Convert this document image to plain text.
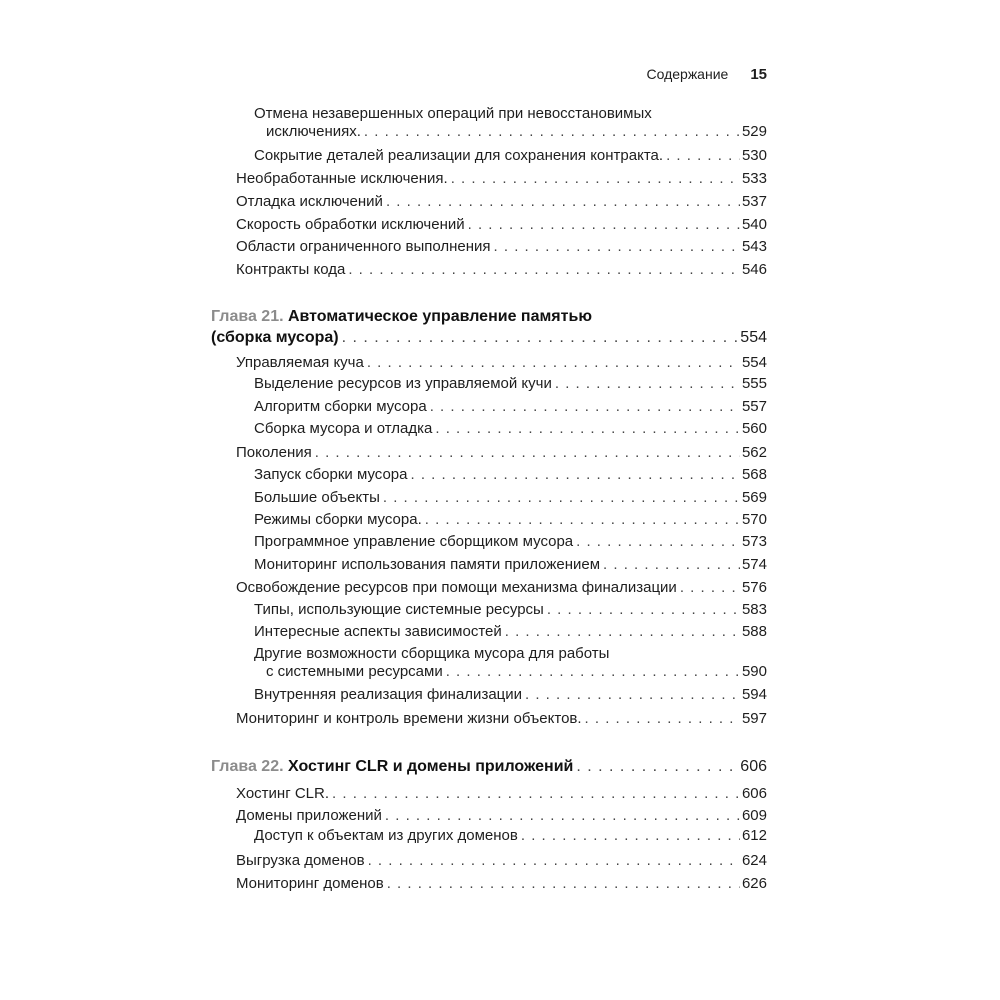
Содержание 15
Отмена незавершенных операций при невосстановимых
исключениях. . . .	529
Сокрытие деталей реализации для сохранения контракта. . . .	530
Необработанные исключения. . . .	533
Отладка исключений . . .	537
Скорость обработки исключений . . .	540
Области ограниченного выполнения . . .	543
Контракты кода . . .	546
Глава 21. Автоматическое управление памятью
(сборка мусора) . . .	554
Управляемая куча . . .	554
Выделение ресурсов из управляемой кучи . . .	555
Алгоритм сборки мусора . . .	557
Сборка мусора и отладка . . .	560
Поколения . . .	562
Запуск сборки мусора . . .	568
Большие объекты . . .	569
Режимы сборки мусора. . . .	570
Программное управление сборщиком мусора . . .	573
Мониторинг использования памяти приложением . . .	574
Освобождение ресурсов при помощи механизма финализации . . .	576
Типы, использующие системные ресурсы . . .	583
Интересные аспекты зависимостей . . .	588
Другие возможности сборщика мусора для работы
с системными ресурсами . . .	590
Внутренняя реализация финализации . . .	594
Мониторинг и контроль времени жизни объектов. . . .	597
Глава 22. Хостинг CLR и домены приложений . . .	606
Хостинг CLR. . . .	606
Домены приложений . . .	609
Доступ к объектам из других доменов . . .	612
Выгрузка доменов . . .	624
Мониторинг доменов . . .	626
